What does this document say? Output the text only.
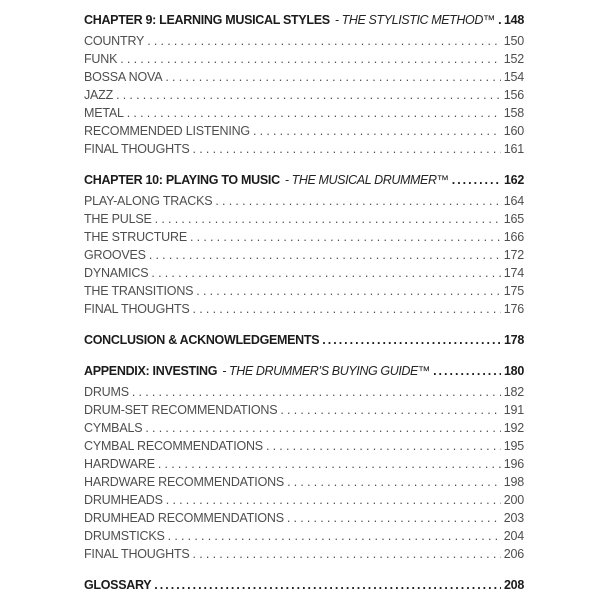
CHAPTER 9: LEARNING MUSICAL STYLES - THE STYLISTIC METHOD™ ..... 148
COUNTRY .....	150
FUNK .....	152
BOSSA NOVA .....	154
JAZZ .....	156
METAL .....	158
RECOMMENDED LISTENING .....	160
FINAL THOUGHTS .....	161
CHAPTER 10: PLAYING TO MUSIC - THE MUSICAL DRUMMER™ .....	162
PLAY-ALONG TRACKS .....	164
THE PULSE .....	165
THE STRUCTURE .....	166
GROOVES .....	172
DYNAMICS .....	174
THE TRANSITIONS .....	175
FINAL THOUGHTS .....	176
CONCLUSION & ACKNOWLEDGEMENTS .....	178
APPENDIX: INVESTING - THE DRUMMER’S BUYING GUIDE™ .....	180
DRUMS .....	182
DRUM-SET RECOMMENDATIONS .....	191
CYMBALS .....	192
CYMBAL RECOMMENDATIONS .....	195
HARDWARE .....	196
HARDWARE RECOMMENDATIONS .....	198
DRUMHEADS .....	200
DRUMHEAD RECOMMENDATIONS .....	203
DRUMSTICKS .....	204
FINAL THOUGHTS .....	206
GLOSSARY .....	208
